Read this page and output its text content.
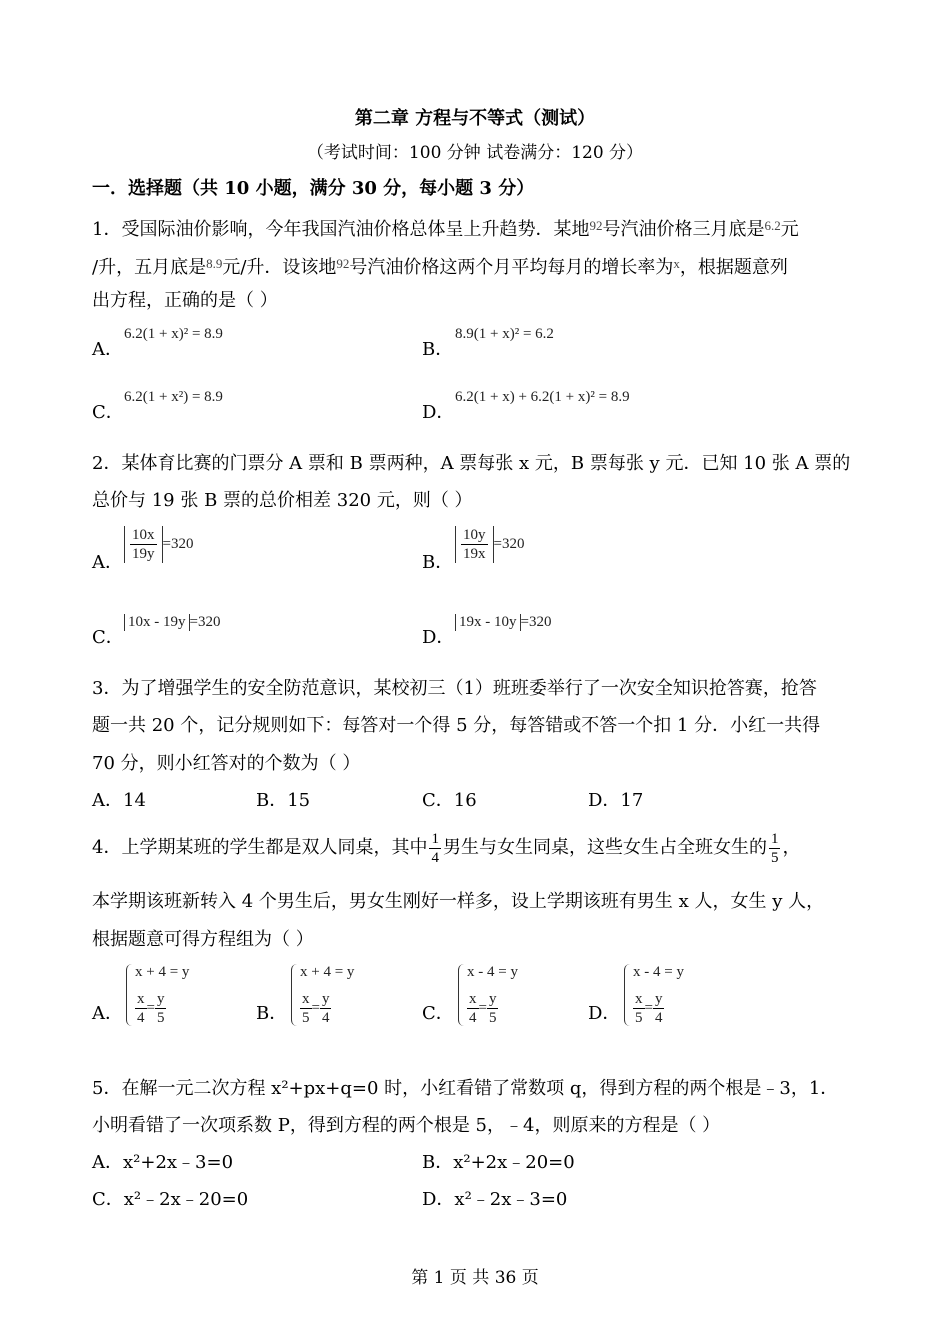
第二章 方程与不等式（测试）
（考试时间：100 分钟 试卷满分：120 分）
一．选择题（共 10 小题，满分 30 分，每小题 3 分）
1．受国际油价影响，今年我国汽油价格总体呈上升趋势．某地$^{92}$号汽油价格三月底是$^{6.2}$元
/升，五月底是$^{8.9}$元/升．设该地$^{92}$号汽油价格这两个月平均每月的增长率为$^x$，根据题意列
出方程，正确的是（ ）
A．
6.2(1 + x)² = 8.9
B．
8.9(1 + x)² = 6.2
C．
6.2(1 + x²) = 8.9
D．
6.2(1 + x) + 6.2(1 + x)² = 8.9
2．某体育比赛的门票分 A 票和 B 票两种，A 票每张 x 元，B 票每张 y 元．已知 10 张 A 票的
总价与 19 张 B 票的总价相差 320 元，则（ ）
A． $\frac{10x}{19y} =320$
B． $\frac{10y}{19x} =320$
C．
10x - 19y =320
D．
19x - 10y =320
3．为了增强学生的安全防范意识，某校初三（1）班班委举行了一次安全知识抢答赛，抢答
题一共 20 个，记分规则如下：每答对一个得 5 分，每答错或不答一个扣 1 分．小红一共得
70 分，则小红答对的个数为（ ）
A．14	B．15	C．16	D．17
4．上学期某班的学生都是双人同桌，其中 $\frac{1}{4}$ 男生与女生同桌，这些女生占全班女生的 $\frac{1}{5}$ ，
本学期该班新转入 4 个男生后，男女生刚好一样多，设上学期该班有男生 x 人，女生 y 人，
根据题意可得方程组为（ ）
A．
x + 4 = y
$\frac{x}{4} = \frac{y}{5}$	B．
x + 4 = y
$\frac{x}{5} = \frac{y}{4}$	C．
x - 4 = y
$\frac{x}{4} = \frac{y}{5}$	D．
x - 4 = y
$\frac{x}{5} = \frac{y}{4}$
5．在解一元二次方程 x²+px+q=0 时，小红看错了常数项 q，得到方程的两个根是﹣3，1．
小明看错了一次项系数 P，得到方程的两个根是 5，﹣4，则原来的方程是（ ）
A．x²+2x﹣3=0	B．x²+2x﹣20=0
C．x²﹣2x﹣20=0	D．x²﹣2x﹣3=0
第 1 页 共 36 页
